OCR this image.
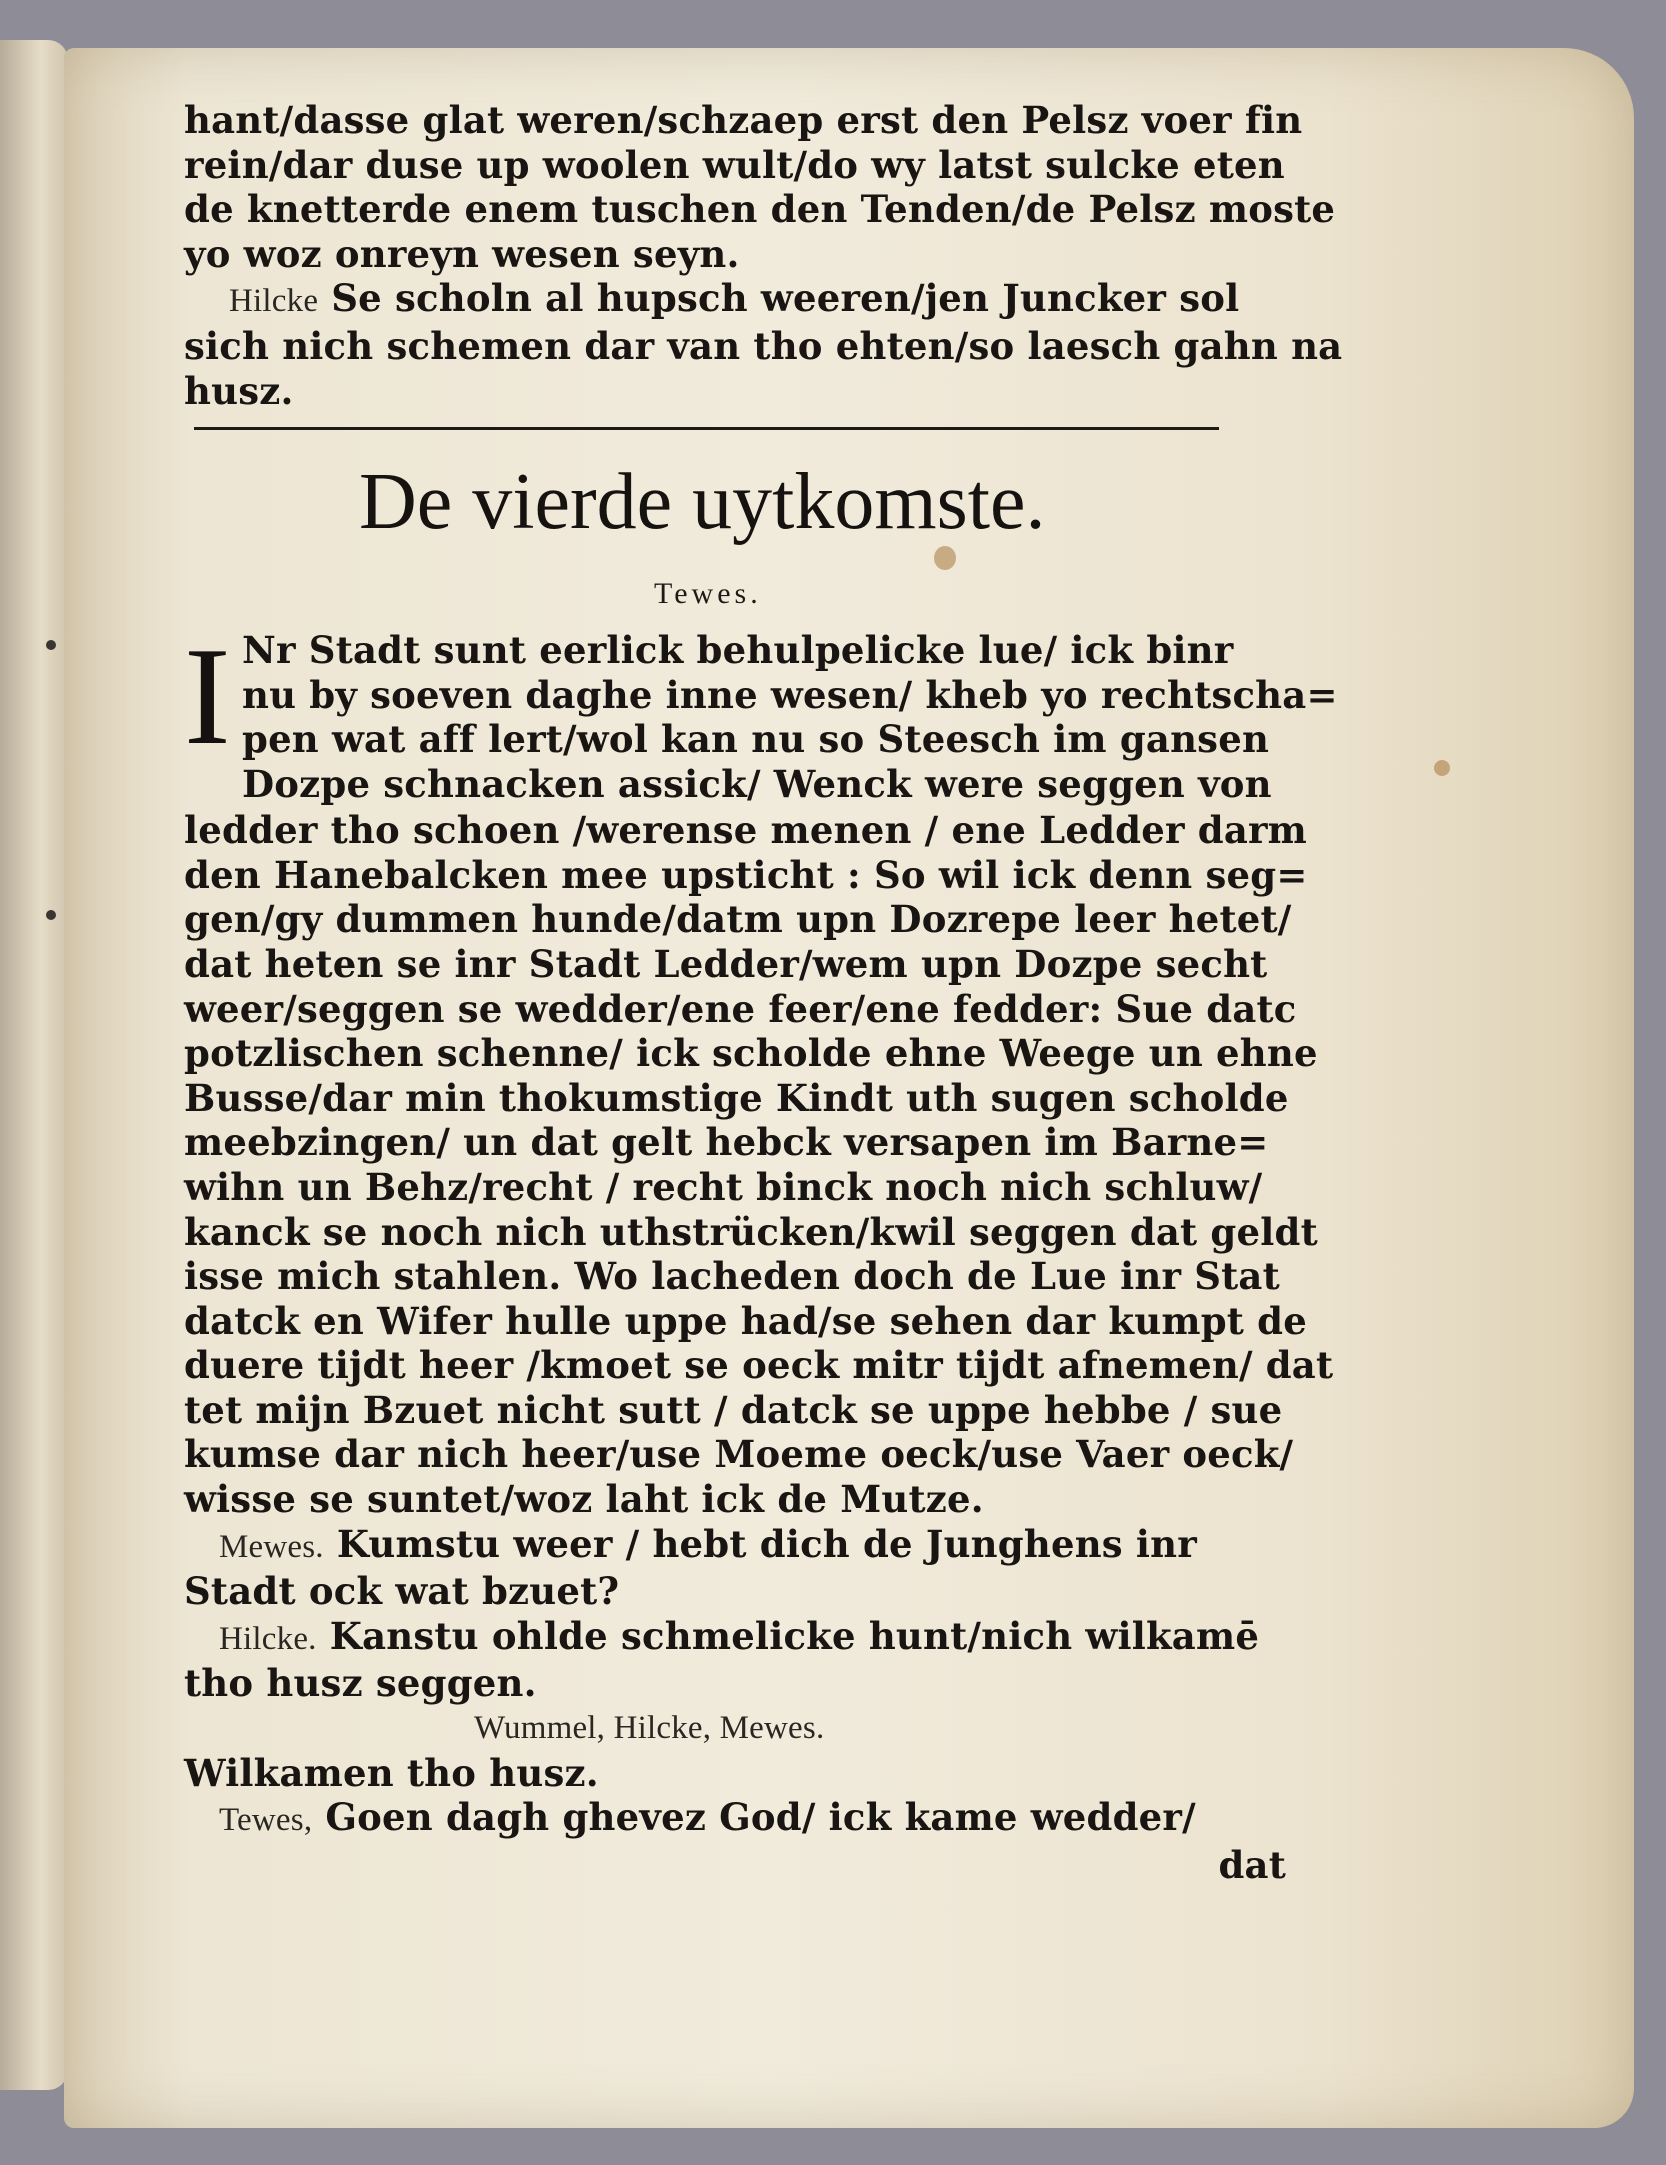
hant/dasse glat weren/schzaep erst den Pelsz voer fin
rein/dar duse up woolen wult/do wy latst sulcke eten
de knetterde enem tuschen den Tenden/de Pelsz moste
yo woz onreyn wesen seyn.
Hilcke Se scholn al hupsch weeren/jen Juncker sol
sich nich schemen dar van tho ehten/so laesch gahn na
husz.
De vierde uytkomste.
Tewes.
I Nr Stadt sunt eerlick behulpelicke lue/ ick binr
nu by soeven daghe inne wesen/ kheb yo rechtscha=
pen wat aff lert/wol kan nu so Steesch im gansen
Dozpe schnacken assick/ Wenck were seggen von
ledder tho schoen /werense menen / ene Ledder darm
den Hanebalcken mee upsticht : So wil ick denn seg=
gen/gy dummen hunde/datm upn Dozrepe leer hetet/
dat heten se inr Stadt Ledder/wem upn Dozpe secht
weer/seggen se wedder/ene feer/ene fedder: Sue datc
potzlischen schenne/ ick scholde ehne Weege un ehne
Busse/dar min thokumstige Kindt uth sugen scholde
meebzingen/ un dat gelt hebck versapen im Barne=
wihn un Behz/recht / recht binck noch nich schluw/
kanck se noch nich uthstrücken/kwil seggen dat geldt
isse mich stahlen. Wo lacheden doch de Lue inr Stat
datck en Wifer hulle uppe had/se sehen dar kumpt de
duere tijdt heer /kmoet se oeck mitr tijdt afnemen/ dat
tet mijn Bzuet nicht sutt / datck se uppe hebbe / sue
kumse dar nich heer/use Moeme oeck/use Vaer oeck/
wisse se suntet/woz laht ick de Mutze.
Mewes. Kumstu weer / hebt dich de Junghens inr
Stadt ock wat bzuet?
Hilcke. Kanstu ohlde schmelicke hunt/nich wilkamē
tho husz seggen.
Wummel, Hilcke, Mewes.
Wilkamen tho husz.
Tewes, Goen dagh ghevez God/ ick kame wedder/
dat
